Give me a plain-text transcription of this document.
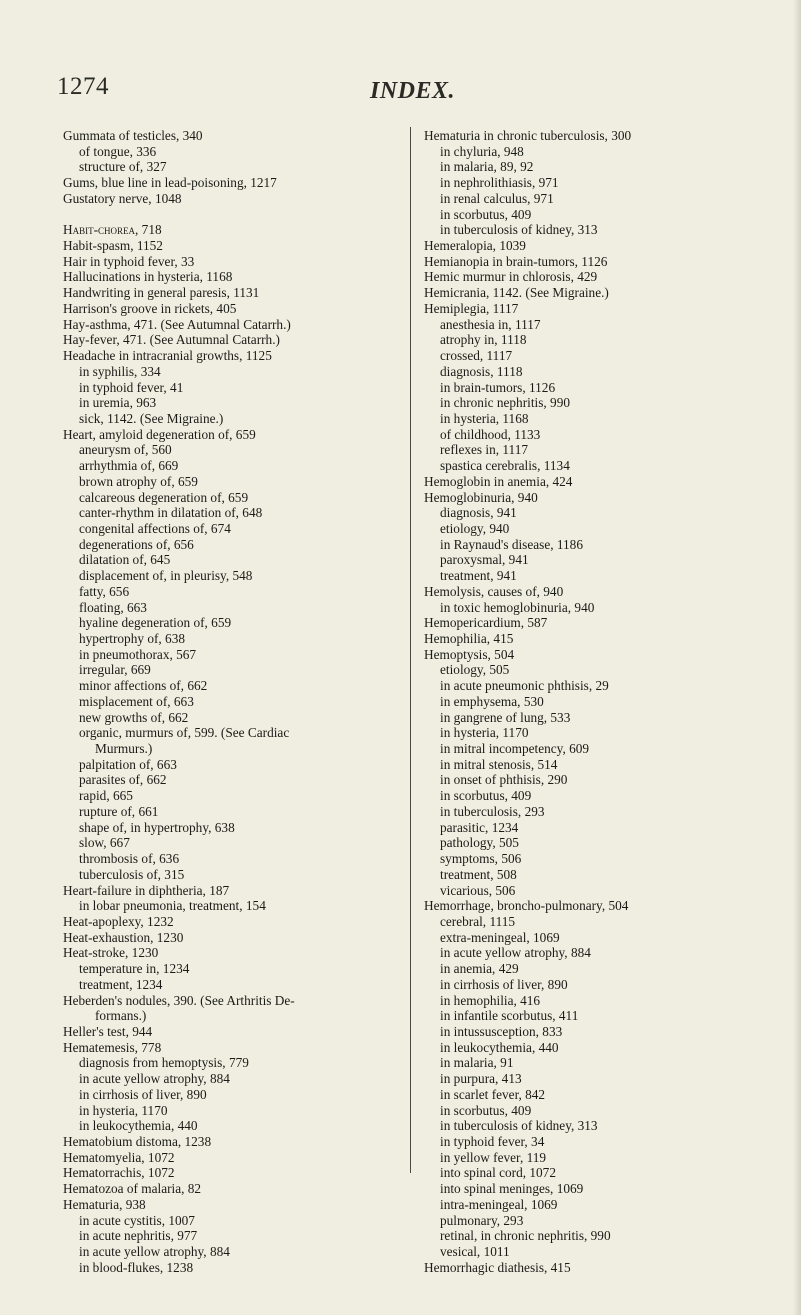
1274	INDEX.
Gummata of testicles, 340
of tongue, 336
structure of, 327
Gums, blue line in lead-poisoning, 1217
Gustatory nerve, 1048
Habit-chorea, 718
Habit-spasm, 1152
Hair in typhoid fever, 33
Hallucinations in hysteria, 1168
Handwriting in general paresis, 1131
Harrison's groove in rickets, 405
Hay-asthma, 471. (See Autumnal Catarrh.)
Hay-fever, 471. (See Autumnal Catarrh.)
Headache in intracranial growths, 1125
in syphilis, 334
in typhoid fever, 41
in uremia, 963
sick, 1142. (See Migraine.)
Heart, amyloid degeneration of, 659
aneurysm of, 560
arrhythmia of, 669
brown atrophy of, 659
calcareous degeneration of, 659
canter-rhythm in dilatation of, 648
congenital affections of, 674
degenerations of, 656
dilatation of, 645
displacement of, in pleurisy, 548
fatty, 656
floating, 663
hyaline degeneration of, 659
hypertrophy of, 638
in pneumothorax, 567
irregular, 669
minor affections of, 662
misplacement of, 663
new growths of, 662
organic, murmurs of, 599. (See Cardiac
Murmurs.)
palpitation of, 663
parasites of, 662
rapid, 665
rupture of, 661
shape of, in hypertrophy, 638
slow, 667
thrombosis of, 636
tuberculosis of, 315
Heart-failure in diphtheria, 187
in lobar pneumonia, treatment, 154
Heat-apoplexy, 1232
Heat-exhaustion, 1230
Heat-stroke, 1230
temperature in, 1234
treatment, 1234
Heberden's nodules, 390. (See Arthritis De-
formans.)
Heller's test, 944
Hematemesis, 778
diagnosis from hemoptysis, 779
in acute yellow atrophy, 884
in cirrhosis of liver, 890
in hysteria, 1170
in leukocythemia, 440
Hematobium distoma, 1238
Hematomyelia, 1072
Hematorrachis, 1072
Hematozoa of malaria, 82
Hematuria, 938
in acute cystitis, 1007
in acute nephritis, 977
in acute yellow atrophy, 884
in blood-flukes, 1238
Hematuria in chronic tuberculosis, 300
in chyluria, 948
in malaria, 89, 92
in nephrolithiasis, 971
in renal calculus, 971
in scorbutus, 409
in tuberculosis of kidney, 313
Hemeralopia, 1039
Hemianopia in brain-tumors, 1126
Hemic murmur in chlorosis, 429
Hemicrania, 1142. (See Migraine.)
Hemiplegia, 1117
anesthesia in, 1117
atrophy in, 1118
crossed, 1117
diagnosis, 1118
in brain-tumors, 1126
in chronic nephritis, 990
in hysteria, 1168
of childhood, 1133
reflexes in, 1117
spastica cerebralis, 1134
Hemoglobin in anemia, 424
Hemoglobinuria, 940
diagnosis, 941
etiology, 940
in Raynaud's disease, 1186
paroxysmal, 941
treatment, 941
Hemolysis, causes of, 940
in toxic hemoglobinuria, 940
Hemopericardium, 587
Hemophilia, 415
Hemoptysis, 504
etiology, 505
in acute pneumonic phthisis, 29
in emphysema, 530
in gangrene of lung, 533
in hysteria, 1170
in mitral incompetency, 609
in mitral stenosis, 514
in onset of phthisis, 290
in scorbutus, 409
in tuberculosis, 293
parasitic, 1234
pathology, 505
symptoms, 506
treatment, 508
vicarious, 506
Hemorrhage, broncho-pulmonary, 504
cerebral, 1115
extra-meningeal, 1069
in acute yellow atrophy, 884
in anemia, 429
in cirrhosis of liver, 890
in hemophilia, 416
in infantile scorbutus, 411
in intussusception, 833
in leukocythemia, 440
in malaria, 91
in purpura, 413
in scarlet fever, 842
in scorbutus, 409
in tuberculosis of kidney, 313
in typhoid fever, 34
in yellow fever, 119
into spinal cord, 1072
into spinal meninges, 1069
intra-meningeal, 1069
pulmonary, 293
retinal, in chronic nephritis, 990
vesical, 1011
Hemorrhagic diathesis, 415
